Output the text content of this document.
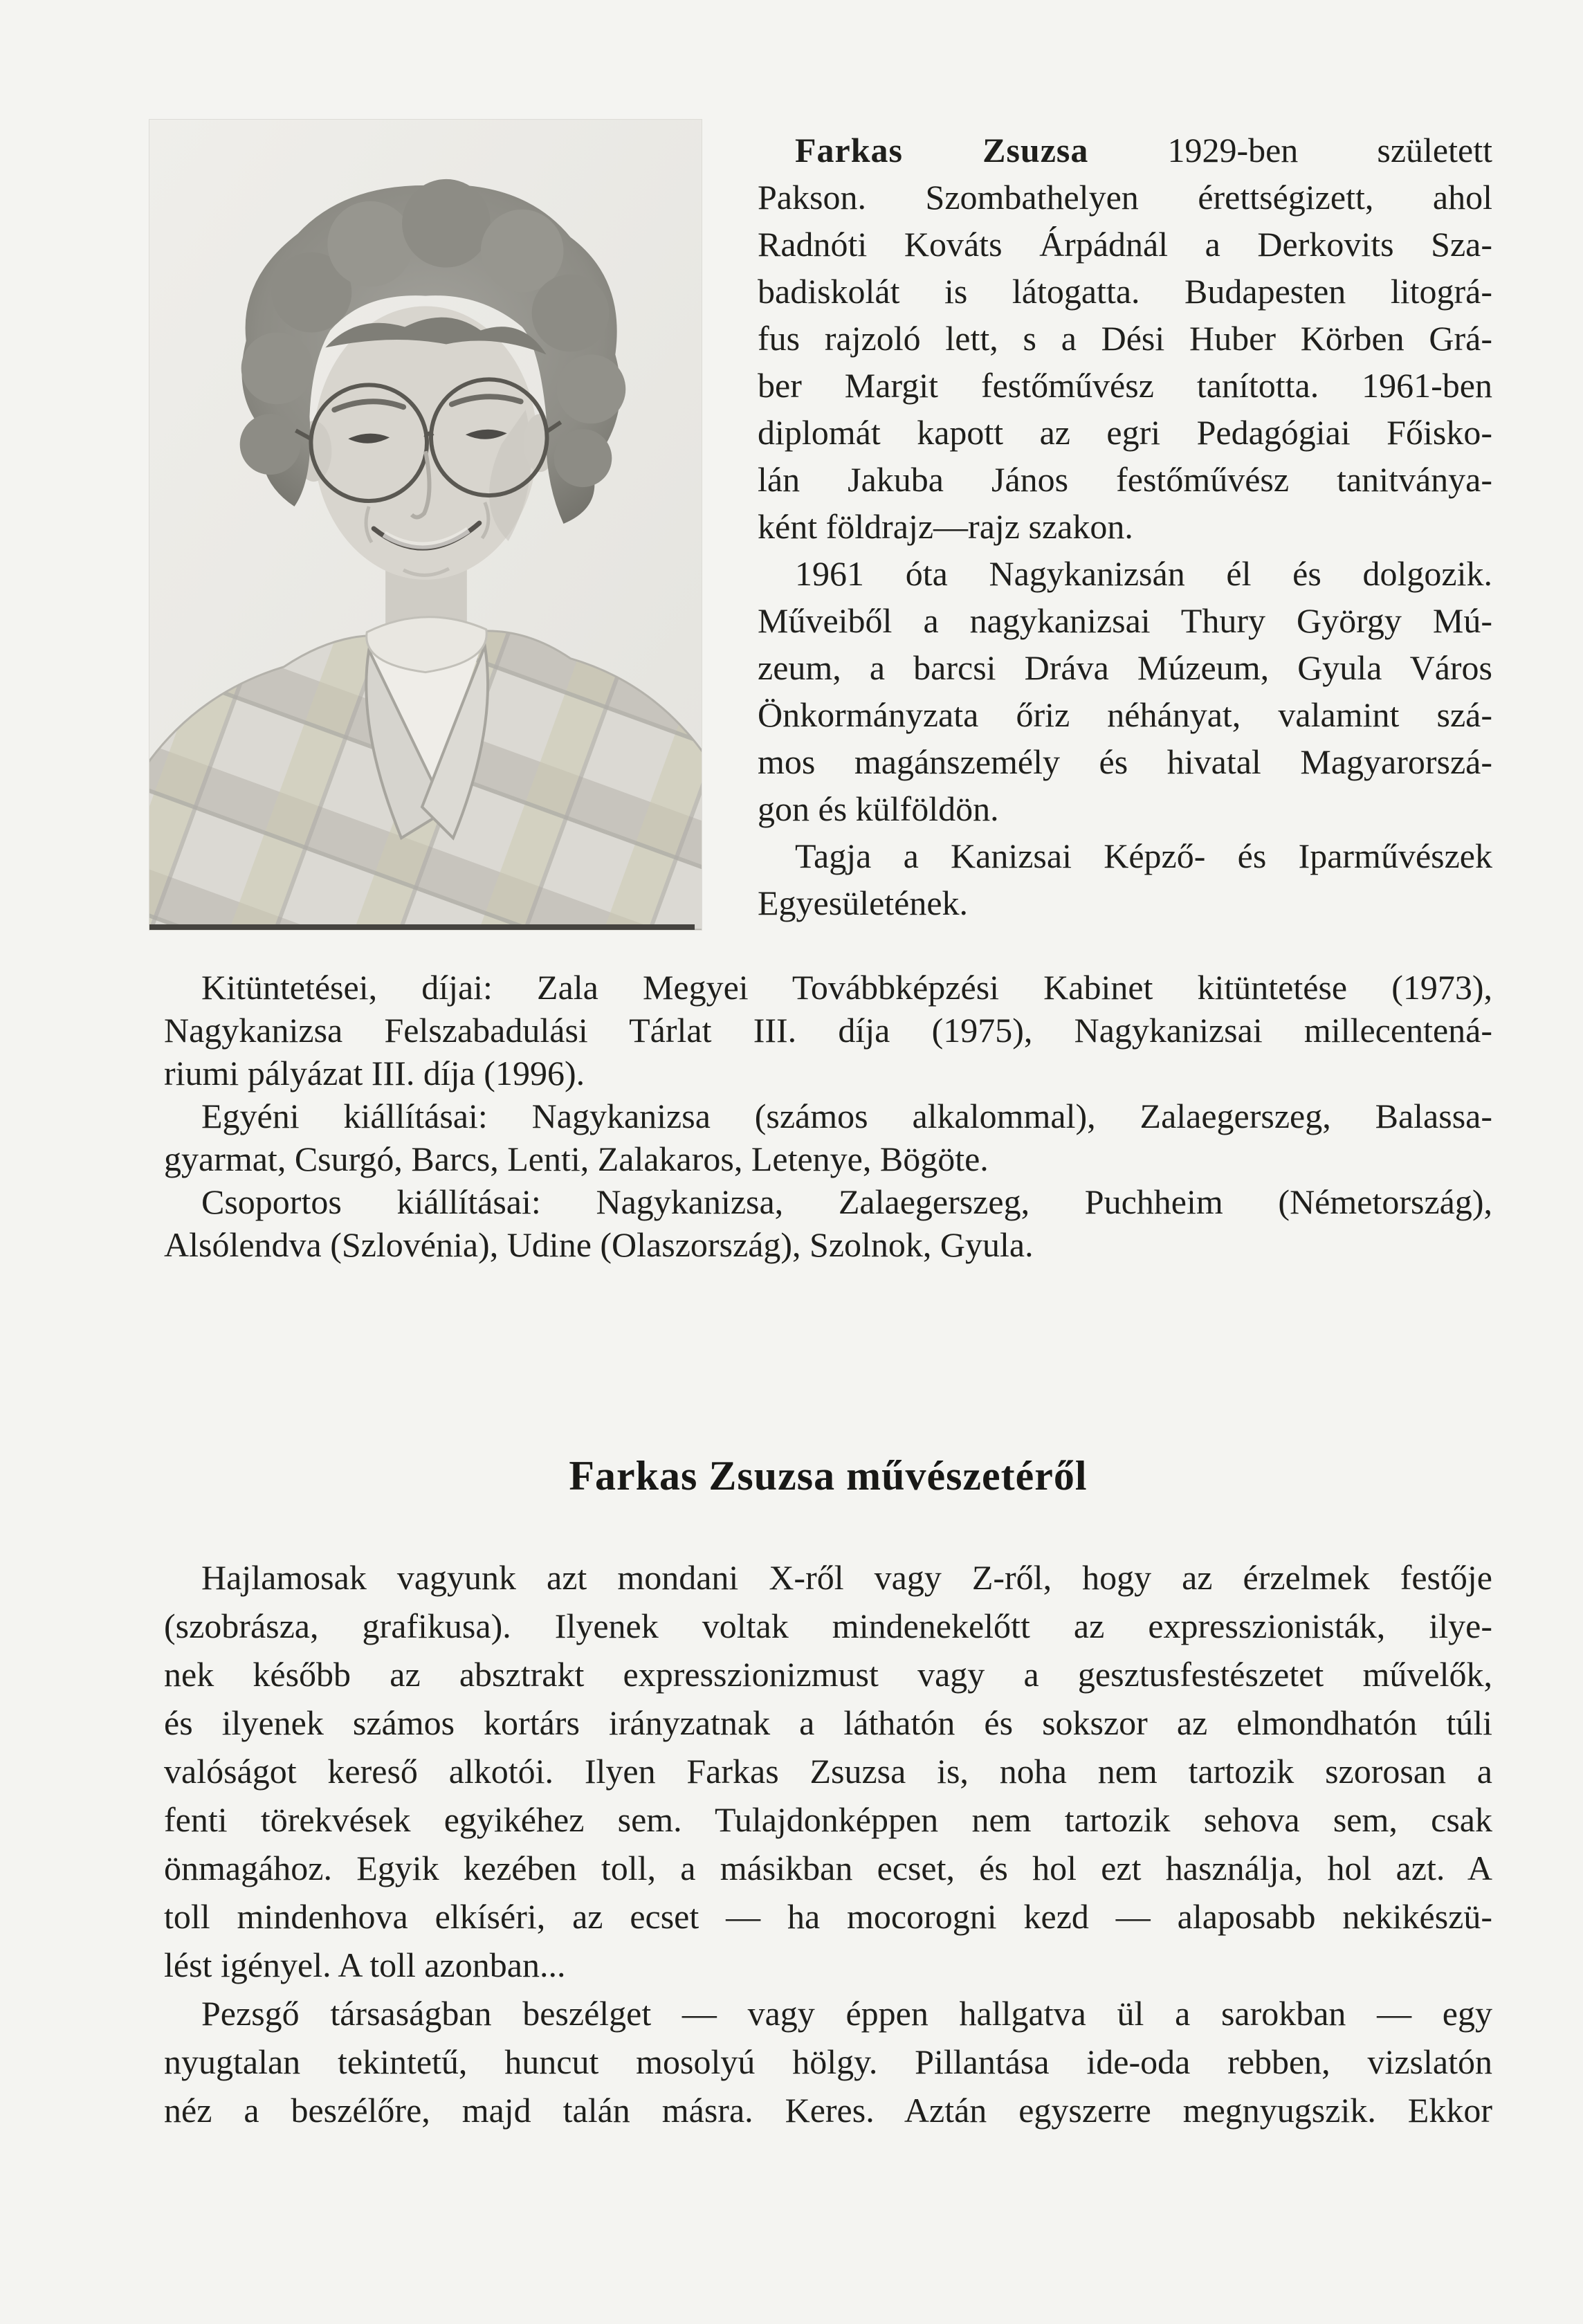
Farkas Zsuzsa 1929-ben született
Pakson. Szombathelyen érettségizett, ahol
Radnóti Kováts Árpádnál a Derkovits Sza-
badiskolát is látogatta. Budapesten litográ-
fus rajzoló lett, s a Dési Huber Körben Grá-
ber Margit festőművész tanította. 1961-ben
diplomát kapott az egri Pedagógiai Főisko-
lán Jakuba János festőművész tanitványa-
ként földrajz—rajz szakon.
1961 óta Nagykanizsán él és dolgozik.
Műveiből a nagykanizsai Thury György Mú-
zeum, a barcsi Dráva Múzeum, Gyula Város
Önkormányzata őriz néhányat, valamint szá-
mos magánszemély és hivatal Magyarorszá-
gon és külföldön.
Tagja a Kanizsai Képző- és Iparművészek
Egyesületének.
Kitüntetései, díjai: Zala Megyei Továbbképzési Kabinet kitüntetése (1973),
Nagykanizsa Felszabadulási Tárlat III. díja (1975), Nagykanizsai millecentená-
riumi pályázat III. díja (1996).
Egyéni kiállításai: Nagykanizsa (számos alkalommal), Zalaegerszeg, Balassa-
gyarmat, Csurgó, Barcs, Lenti, Zalakaros, Letenye, Bögöte.
Csoportos kiállításai: Nagykanizsa, Zalaegerszeg, Puchheim (Németország),
Alsólendva (Szlovénia), Udine (Olaszország), Szolnok, Gyula.
Farkas Zsuzsa művészetéről
Hajlamosak vagyunk azt mondani X-ről vagy Z-ről, hogy az érzelmek festője
(szobrásza, grafikusa). Ilyenek voltak mindenekelőtt az expresszionisták, ilye-
nek később az absztrakt expresszionizmust vagy a gesztusfestészetet művelők,
és ilyenek számos kortárs irányzatnak a láthatón és sokszor az elmondhatón túli
valóságot kereső alkotói. Ilyen Farkas Zsuzsa is, noha nem tartozik szorosan a
fenti törekvések egyikéhez sem. Tulajdonképpen nem tartozik sehova sem, csak
önmagához. Egyik kezében toll, a másikban ecset, és hol ezt használja, hol azt. A
toll mindenhova elkíséri, az ecset — ha mocorogni kezd — alaposabb nekikészü-
lést igényel. A toll azonban...
Pezsgő társaságban beszélget — vagy éppen hallgatva ül a sarokban — egy
nyugtalan tekintetű, huncut mosolyú hölgy. Pillantása ide-oda rebben, vizslatón
néz a beszélőre, majd talán másra. Keres. Aztán egyszerre megnyugszik. Ekkor
